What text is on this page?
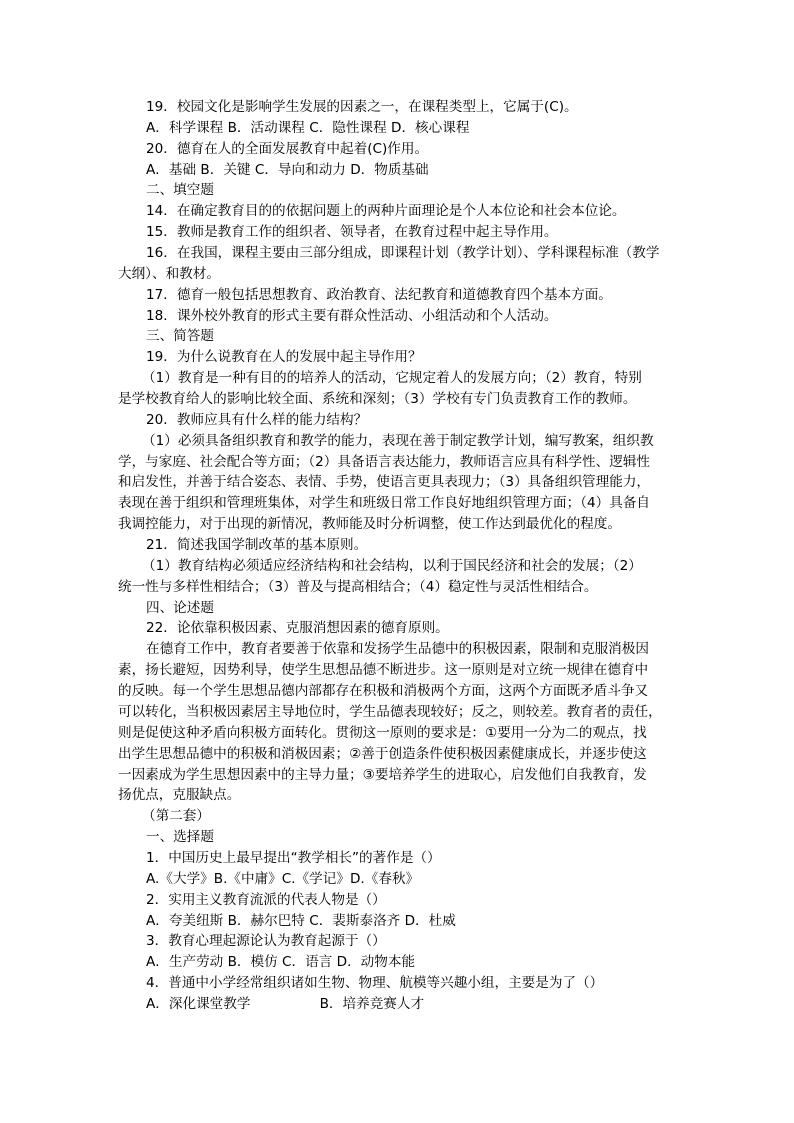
19．校园文化是影响学生发展的因素之一，在课程类型上，它属于(C)。
A．科学课程 B．活动课程 C．隐性课程 D．核心课程
20．德育在人的全面发展教育中起着(C)作用。
A．基础 B．关键 C．导向和动力 D．物质基础
二、填空题
14．在确定教育目的的依据问题上的两种片面理论是个人本位论和社会本位论。
15．教师是教育工作的组织者、领导者，在教育过程中起主导作用。
16．在我国，课程主要由三部分组成，即课程计划（教学计划）、学科课程标准（教学
大纲）、和教材。
17．德育一般包括思想教育、政治教育、法纪教育和道德教育四个基本方面。
18．课外校外教育的形式主要有群众性活动、小组活动和个人活动。
三、简答题
19．为什么说教育在人的发展中起主导作用？
（1）教育是一种有目的的培养人的活动，它规定着人的发展方向；（2）教育，特别
是学校教育给人的影响比较全面、系统和深刻；（3）学校有专门负责教育工作的教师。
20．教师应具有什么样的能力结构？
（1）必须具备组织教育和教学的能力，表现在善于制定教学计划，编写教案，组织教
学，与家庭、社会配合等方面；（2）具备语言表达能力，教师语言应具有科学性、逻辑性
和启发性，并善于结合姿态、表情、手势，使语言更具表现力；（3）具备组织管理能力，
表现在善于组织和管理班集体，对学生和班级日常工作良好地组织管理方面；（4）具备自
我调控能力，对于出现的新情况，教师能及时分析调整，使工作达到最优化的程度。
21．简述我国学制改革的基本原则。
（1）教育结构必须适应经济结构和社会结构，以利于国民经济和社会的发展；（2）
统一性与多样性相结合；（3）普及与提高相结合；（4）稳定性与灵活性相结合。
四、论述题
22．论依靠积极因素、克服消想因素的德育原则。
在德育工作中，教育者要善于依靠和发扬学生品德中的积极因素，限制和克服消极因
素，扬长避短，因势利导，使学生思想品德不断进步。这一原则是对立统一规律在德育中
的反映。每一个学生思想品德内部都存在积极和消极两个方面，这两个方面既矛盾斗争又
可以转化，当积极因素居主导地位时，学生品德表现较好；反之，则较差。教育者的责任，
则是促使这种矛盾向积极方面转化。贯彻这一原则的要求是：①要用一分为二的观点，找
出学生思想品德中的积极和消极因素；②善于创造条件使积极因素健康成长，并逐步使这
一因素成为学生思想因素中的主导力量；③要培养学生的进取心，启发他们自我教育，发
扬优点，克服缺点。
（第二套）
一、选择题
1．中国历史上最早提出“教学相长”的著作是（）
A.《大学》B.《中庸》C.《学记》D.《春秋》
2．实用主义教育流派的代表人物是（）
A．夸美纽斯 B．赫尔巴特 C．裴斯泰洛齐 D．杜威
3．教育心理起源论认为教育起源于（）
A．生产劳动 B．模仿 C．语言 D．动物本能
4．普通中小学经常组织诸如生物、物理、航模等兴趣小组，主要是为了（）
A．深化课堂教学                B．培养竞赛人才
